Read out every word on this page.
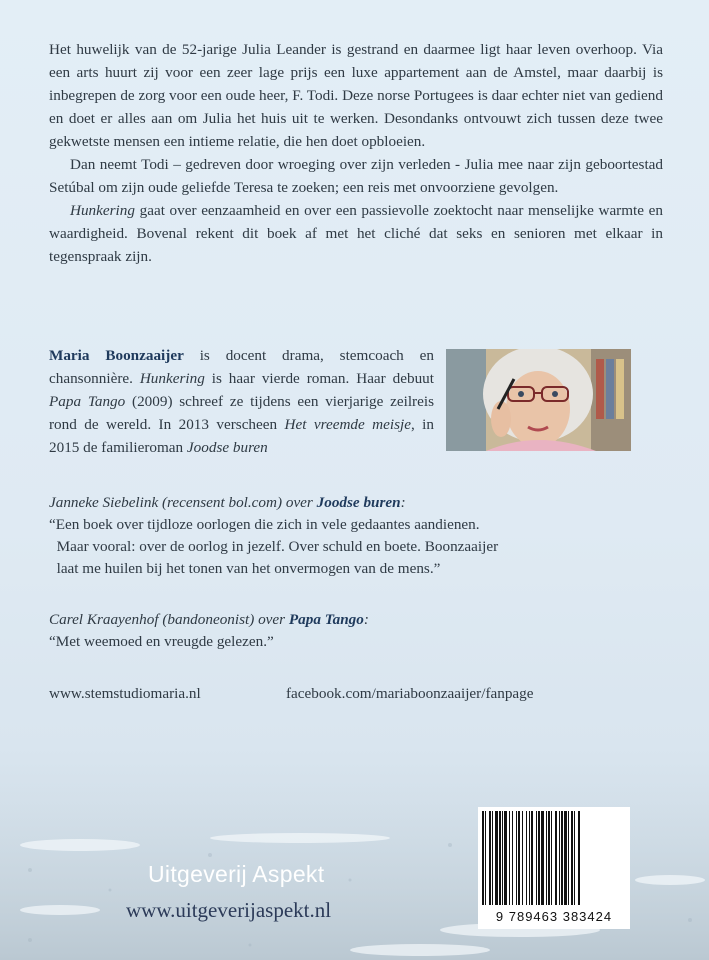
Het huwelijk van de 52-jarige Julia Leander is gestrand en daarmee ligt haar leven overhoop. Via een arts huurt zij voor een zeer lage prijs een luxe appartement aan de Amstel, maar daarbij is inbegrepen de zorg voor een oude heer, F. Todi. Deze norse Portugees is daar echter niet van gediend en doet er alles aan om Julia het huis uit te werken. Desondanks ontvouwt zich tussen deze twee gekwetste mensen een intieme relatie, die hen doet opbloeien.

Dan neemt Todi – gedreven door wroeging over zijn verleden - Julia mee naar zijn geboortestad Setúbal om zijn oude geliefde Teresa te zoeken; een reis met onvoorziene gevolgen.

Hunkering gaat over eenzaamheid en over een passievolle zoektocht naar menselijke warmte en waardigheid. Bovenal rekent dit boek af met het cliché dat seks en senioren met elkaar in tegenspraak zijn.

Maria Boonzaaijer is docent drama, stemcoach en chansonnière. Hunkering is haar vierde roman. Haar debuut Papa Tango (2009) schreef ze tijdens een vierjarige zeilreis rond de wereld. In 2013 verscheen Het vreemde meisje, in 2015 de familieroman Joodse buren
Janneke Siebelink (recensent bol.com) over Joodse buren:
“Een boek over tijdloze oorlogen die zich in vele gedaantes aandienen.
Maar vooral: over de oorlog in jezelf. Over schuld en boete. Boonzaaijer
laat me huilen bij het tonen van het onvermogen van de mens.”
Carel Kraayenhof (bandoneonist) over Papa Tango:
“Met weemoed en vreugde gelezen.”
www.stemstudiomaria.nl	facebook.com/mariaboonzaaijer/fanpage
9 789463 383424
Uitgeverij Aspekt
www.uitgeverijaspekt.nl
